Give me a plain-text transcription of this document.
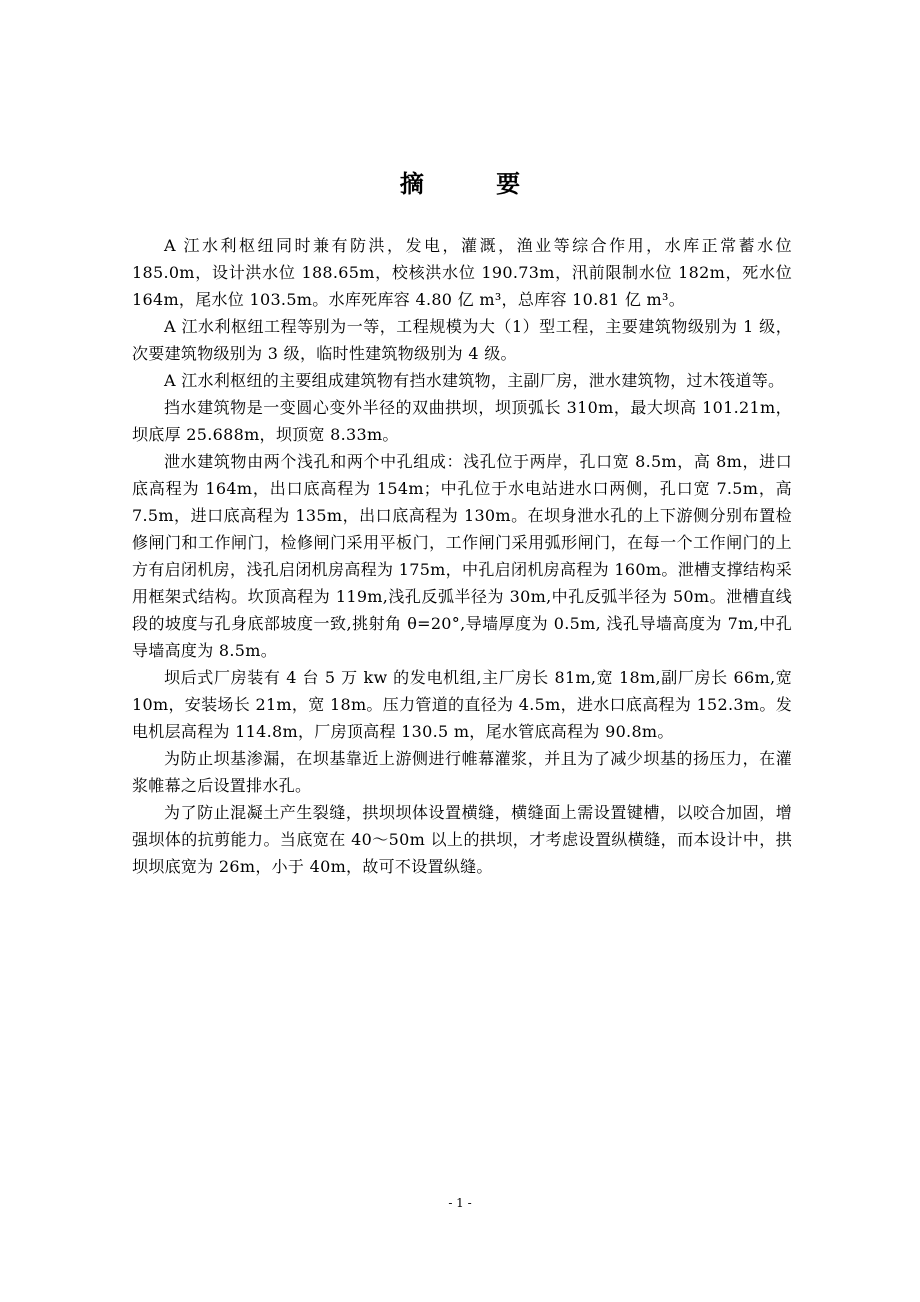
摘 要

A 江水利枢纽同时兼有防洪，发电，灌溉，渔业等综合作用，水库正常蓄水位 185.0m，设计洪水位 188.65m，校核洪水位 190.73m，汛前限制水位 182m，死水位 164m，尾水位 103.5m。水库死库容 4.80 亿 m³，总库容 10.81 亿 m³。

A 江水利枢纽工程等别为一等，工程规模为大（1）型工程，主要建筑物级别为 1 级，次要建筑物级别为 3 级，临时性建筑物级别为 4 级。

A 江水利枢纽的主要组成建筑物有挡水建筑物，主副厂房，泄水建筑物，过木筏道等。

挡水建筑物是一变圆心变外半径的双曲拱坝，坝顶弧长 310m，最大坝高 101.21m，坝底厚 25.688m，坝顶宽 8.33m。

泄水建筑物由两个浅孔和两个中孔组成：浅孔位于两岸，孔口宽 8.5m，高 8m，进口底高程为 164m，出口底高程为 154m；中孔位于水电站进水口两侧，孔口宽 7.5m，高 7.5m，进口底高程为 135m，出口底高程为 130m。在坝身泄水孔的上下游侧分别布置检修闸门和工作闸门，检修闸门采用平板门，工作闸门采用弧形闸门，在每一个工作闸门的上方有启闭机房，浅孔启闭机房高程为 175m，中孔启闭机房高程为 160m。泄槽支撑结构采用框架式结构。坎顶高程为 119m,浅孔反弧半径为 30m,中孔反弧半径为 50m。泄槽直线段的坡度与孔身底部坡度一致,挑射角 θ=20°,导墙厚度为 0.5m, 浅孔导墙高度为 7m,中孔导墙高度为 8.5m。

坝后式厂房装有 4 台 5 万 kw 的发电机组,主厂房长 81m,宽 18m,副厂房长 66m,宽 10m，安装场长 21m，宽 18m。压力管道的直径为 4.5m，进水口底高程为 152.3m。发电机层高程为 114.8m，厂房顶高程 130.5 m，尾水管底高程为 90.8m。

为防止坝基渗漏，在坝基靠近上游侧进行帷幕灌浆，并且为了减少坝基的扬压力，在灌浆帷幕之后设置排水孔。

为了防止混凝土产生裂缝，拱坝坝体设置横缝，横缝面上需设置键槽，以咬合加固，增强坝体的抗剪能力。当底宽在 40～50m 以上的拱坝，才考虑设置纵横缝，而本设计中，拱坝坝底宽为 26m，小于 40m，故可不设置纵缝。

- 1 -
